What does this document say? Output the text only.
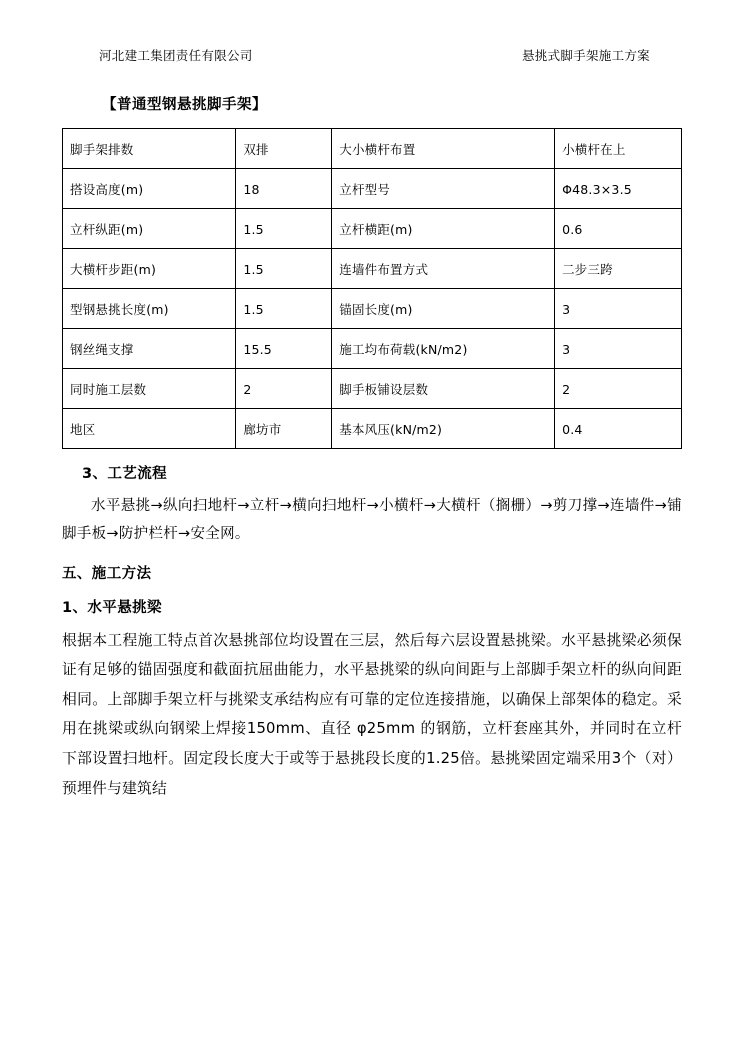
河北建工集团责任有限公司	悬挑式脚手架施工方案
【普通型钢悬挑脚手架】
脚手架排数	双排	大小横杆布置	小横杆在上
搭设高度(m)	18	立杆型号	Φ48.3×3.5
立杆纵距(m)	1.5	立杆横距(m)	0.6
大横杆步距(m)	1.5	连墙件布置方式	二步三跨
型钢悬挑长度(m)	1.5	锚固长度(m)	3
钢丝绳支撑	15.5	施工均布荷载(kN/m2)	3
同时施工层数	2	脚手板铺设层数	2
地区	廊坊市	基本风压(kN/m2)	0.4
3、工艺流程

水平悬挑→纵向扫地杆→立杆→横向扫地杆→小横杆→大横杆（搁栅）→剪刀撑→连墙件→铺脚手板→防护栏杆→安全网。

五、施工方法
1、水平悬挑梁

根据本工程施工特点首次悬挑部位均设置在三层，然后每六层设置悬挑梁。水平悬挑梁必须保证有足够的锚固强度和截面抗屈曲能力，水平悬挑梁的纵向间距与上部脚手架立杆的纵向间距相同。上部脚手架立杆与挑梁支承结构应有可靠的定位连接措施，以确保上部架体的稳定。采用在挑梁或纵向钢梁上焊接150mm、直径 φ25mm 的钢筋，立杆套座其外，并同时在立杆下部设置扫地杆。固定段长度大于或等于悬挑段长度的1.25倍。悬挑梁固定端采用3个（对）预埋件与建筑结
